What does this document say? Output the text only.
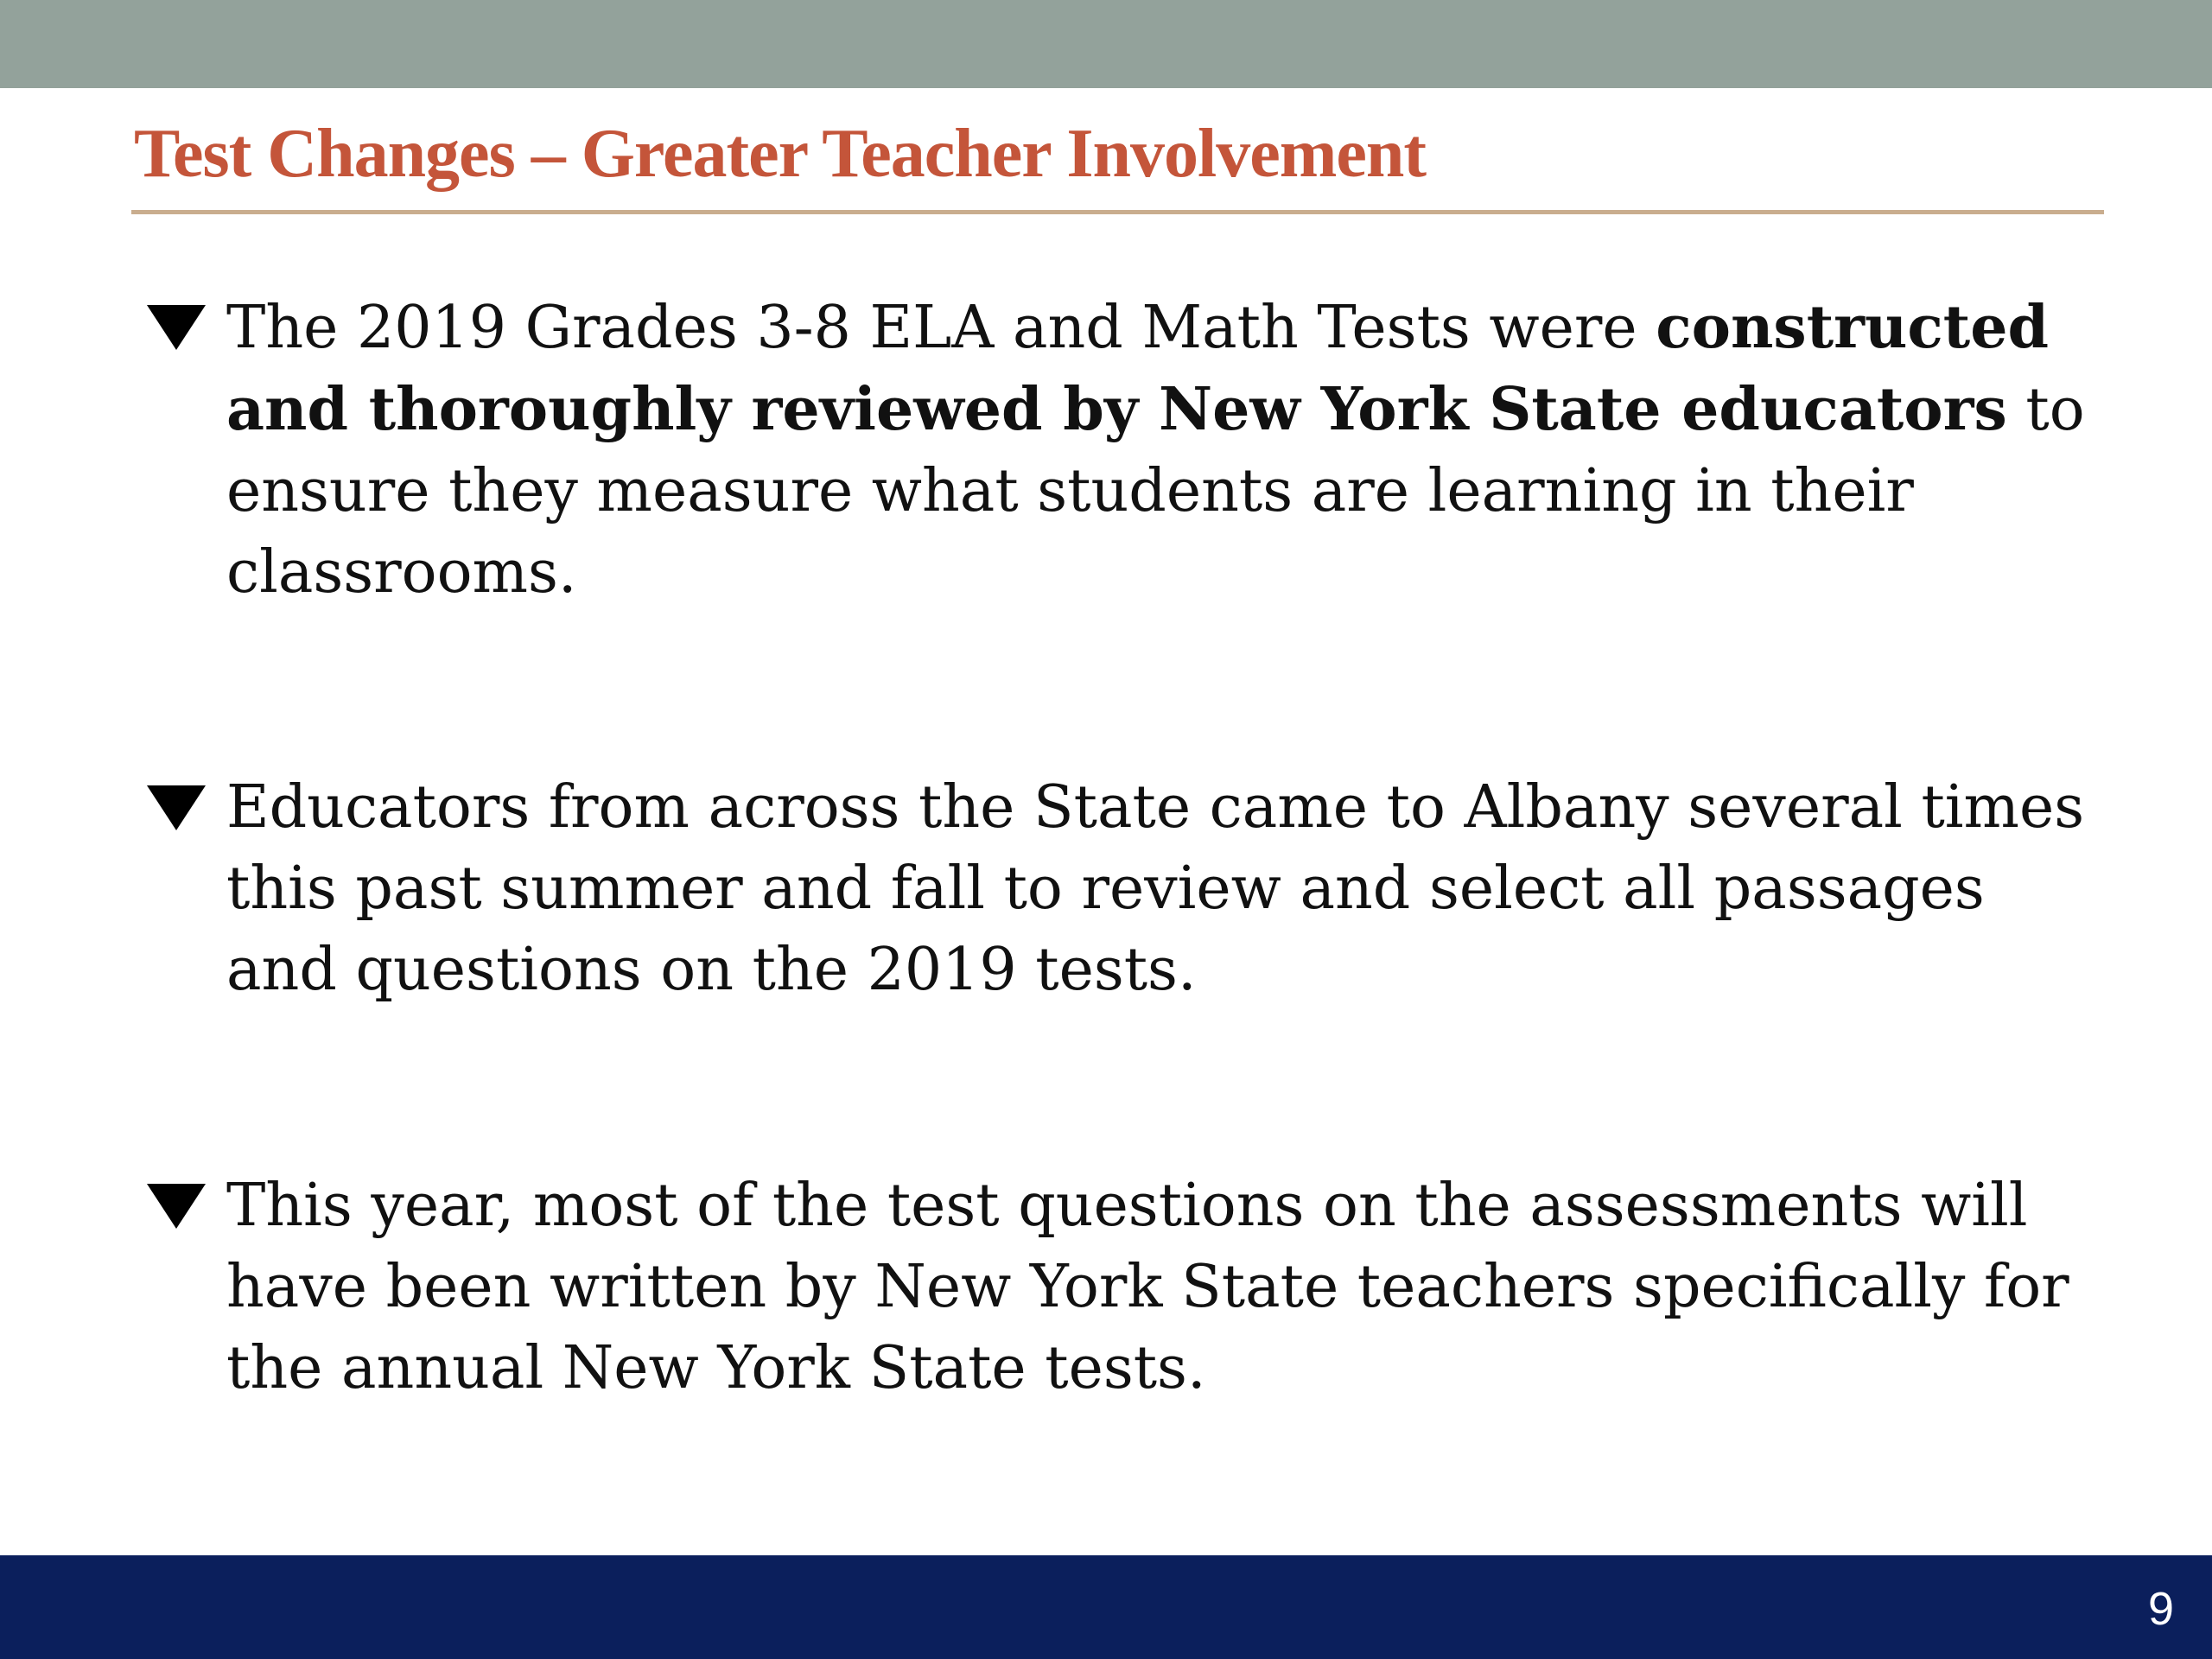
Test Changes – Greater Teacher Involvement

The 2019 Grades 3-8 ELA and Math Tests were constructed and thoroughly reviewed by New York State educators to ensure they measure what students are learning in their classrooms.

Educators from across the State came to Albany several times this past summer and fall to review and select all passages and questions on the 2019 tests.

This year, most of the test questions on the assessments will have been written by New York State teachers specifically for the annual New York State tests.

9
